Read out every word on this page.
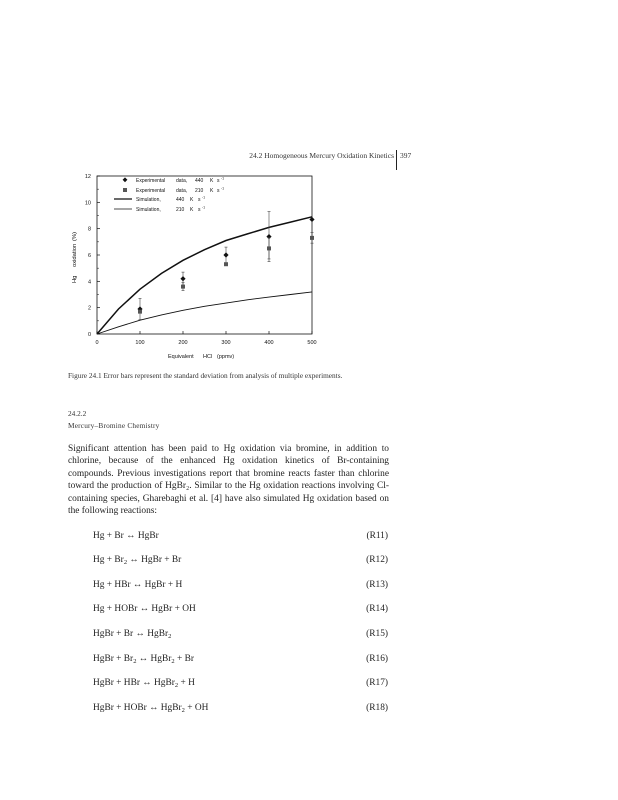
24.2 Homogeneous Mercury Oxidation Kinetics 397
0	100	200	300	400	500
0
2
4
6
8
10
12
Equivalent HCl (ppmv)
Hg
oxidation
(%)
Experimental data, 440 K s -1
Experimental data, 210 K s -1
Simulation,	440 K s -1
Simulation,	210 K s -1
Figure 24.1 Error bars represent the standard deviation from analysis of multiple experiments.
24.2.2
Mercury–Bromine Chemistry
Significant attention has been paid to Hg oxidation via bromine, in addition to chlorine, because of the enhanced Hg oxidation kinetics of Br-containing compounds. Previous investigations report that bromine reacts faster than chlorine toward the production of HgBr₂. Similar to the Hg oxidation reactions involving Cl-containing species, Gharebaghi et al. [4] have also simulated Hg oxidation based on the following reactions:
Hg + Br ↔ HgBr	(R11)
$Hg + Br_2$ ↔ HgBr + Br	(R12)
Hg + HBr ↔ HgBr + H	(R13)
Hg + HOBr ↔ HgBr + OH	(R14)
HgBr + Br ↔ HgBr$_2$	(R15)
HgBr + $Br_2$ ↔ HgBr$_2$ + Br	(R16)
HgBr + HBr ↔ HgBr$_2$ + H	(R17)
HgBr + HOBr ↔ HgBr$_2$ + OH	(R18)
